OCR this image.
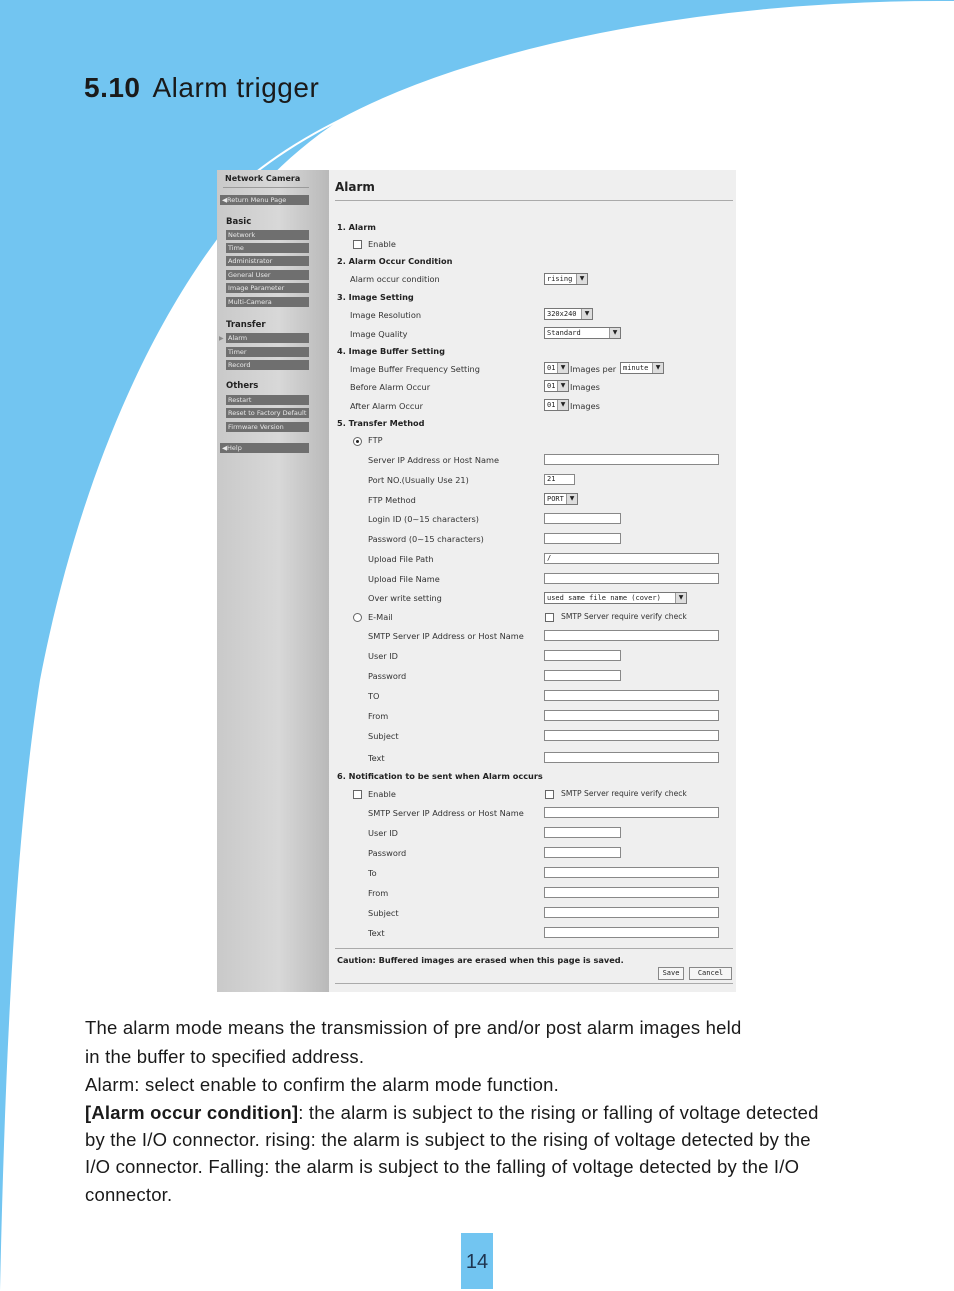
5.10 Alarm trigger
Network Camera
◀Return Menu Page
Basic
Network
Time
Administrator
General User
Image Parameter
Multi-Camera
Transfer
▶ Alarm
Timer
Record
Others
Restart
Reset to Factory Default
Firmware Version
◀Help
Alarm
1. Alarm
Enable
2. Alarm Occur Condition
Alarm occur condition	rising	▼
3. Image Setting
Image Resolution	320x240	▼
Image Quality	Standard	▼
4. Image Buffer Setting
Image Buffer Frequency Setting	01 ▼ Images per minute	▼
Before Alarm Occur	01 ▼ Images
After Alarm Occur	01 ▼ Images
5. Transfer Method
FTP
Server IP Address or Host Name
Port NO.(Usually Use 21)	21
FTP Method	PORT ▼
Login ID (0~15 characters)
Password (0~15 characters)
Upload File Path	/
Upload File Name
Over write setting	used same file name (cover)	▼
E-Mail	SMTP Server require verify check
SMTP Server IP Address or Host Name
User ID
Password
TO
From
Subject
Text
6. Notification to be sent when Alarm occurs
Enable	SMTP Server require verify check
SMTP Server IP Address or Host Name
User ID
Password
To
From
Subject
Text
Caution: Buffered images are erased when this page is saved.
Save	Cancel
The alarm mode means the transmission of pre and/or post alarm images held
in the buffer to specified address.
Alarm: select enable to confirm the alarm mode function.
[Alarm occur condition]: the alarm is subject to the rising or falling of voltage detected
by the I/O connector. rising: the alarm is subject to the rising of voltage detected by the
I/O connector. Falling: the alarm is subject to the falling of voltage detected by the I/O
connector.
14
